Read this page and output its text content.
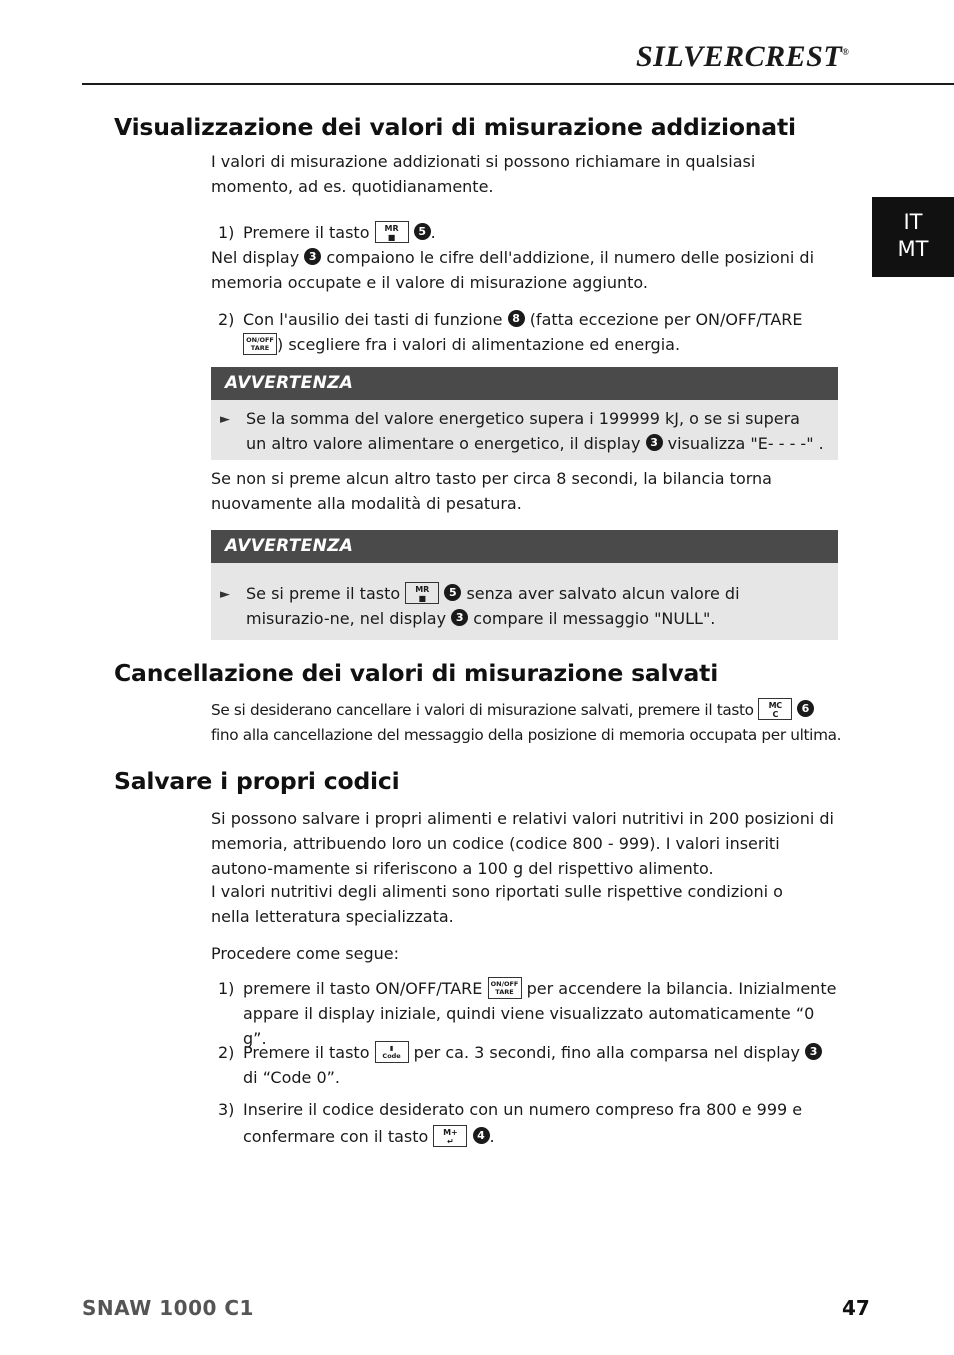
SILVERCREST®
IT
MT
Visualizzazione dei valori di misurazione addizionati

I valori di misurazione addizionati si possono richiamare in qualsiasi momento, ad es. quotidianamente.

1) Premere il tasto MR
■ 5 .

Nel display 3 compaiono le cifre dell'addizione, il numero delle posizioni di memoria occupate e il valore di misurazione aggiunto.

2) Con l'ausilio dei tasti di funzione 8 (fatta eccezione per ON/OFF/TARE ON/OFF
TARE ) scegliere fra i valori di alimentazione ed energia.
AVVERTENZA
► Se la somma del valore energetico supera i 199999 kJ, o se si supera un altro valore alimentare o energetico, il display 3 visualizza "E- - - -" .

Se non si preme alcun altro tasto per circa 8 secondi, la bilancia torna nuovamente alla modalità di pesatura.

AVVERTENZA
► Se si preme il tasto MR
■ 5 senza aver salvato alcun valore di misurazio-ne, nel display 3 compare il messaggio "NULL".
Cancellazione dei valori di misurazione salvati

Se si desiderano cancellare i valori di misurazione salvati, premere il tasto MC
C 6 fino alla cancellazione del messaggio della posizione di memoria occupata per ultima.

Salvare i propri codici

Si possono salvare i propri alimenti e relativi valori nutritivi in 200 posizioni di memoria, attribuendo loro un codice (codice 800 - 999). I valori inseriti autono-mamente si riferiscono a 100 g del rispettivo alimento.

I valori nutritivi degli alimenti sono riportati sulle rispettive condizioni o nella letteratura specializzata.

Procedere come segue:

1) premere il tasto ON/OFF/TARE ON/OFF
TARE per accendere la bilancia. Inizialmente appare il display iniziale, quindi viene visualizzato automaticamente “0 g”.
2) Premere il tasto	▮
Code per ca. 3 secondi, fino alla comparsa nel display 3 di “Code 0”.
3) Inserire il codice desiderato con un numero compreso fra 800 e 999 e confermare con il tasto M+
↵ 4 .
SNAW 1000 C1	47
